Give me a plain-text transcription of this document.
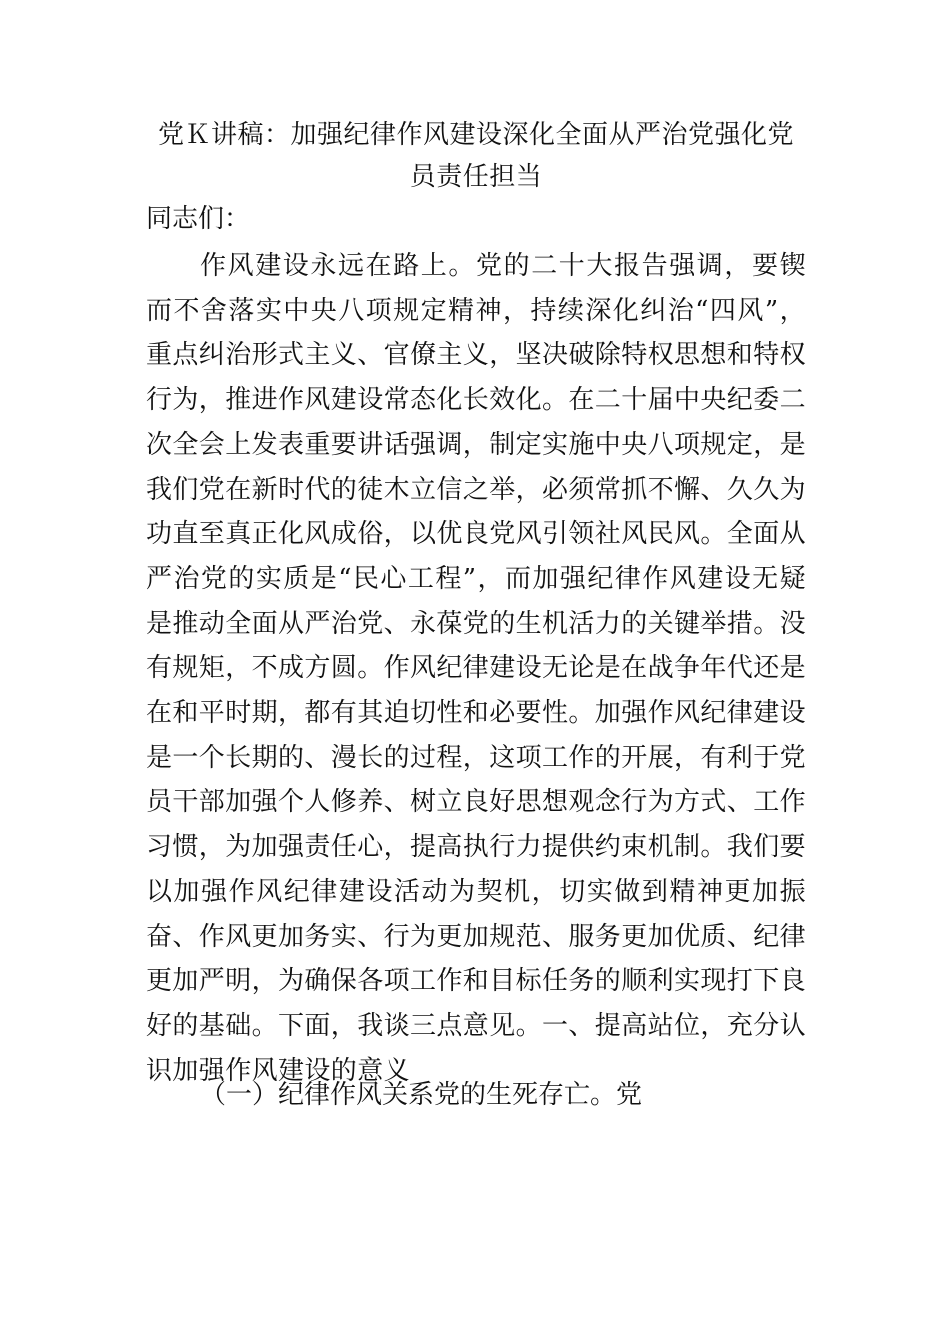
党Ｋ讲稿：加强纪律作风建设深化全面从严治党强化党员责任担当
同志们：

作风建设永远在路上。党的二十大报告强调，要锲而不舍落实中央八项规定精神，持续深化纠治“四风”，重点纠治形式主义、官僚主义，坚决破除特权思想和特权行为，推进作风建设常态化长效化。在二十届中央纪委二次全会上发表重要讲话强调，制定实施中央八项规定，是我们党在新时代的徒木立信之举，必须常抓不懈、久久为功直至真正化风成俗，以优良党风引领社风民风。全面从严治党的实质是“民心工程”，而加强纪律作风建设无疑是推动全面从严治党、永葆党的生机活力的关键举措。没有规矩，不成方圆。作风纪律建设无论是在战争年代还是在和平时期，都有其迫切性和必要性。加强作风纪律建设是一个长期的、漫长的过程，这项工作的开展，有利于党员干部加强个人修养、树立良好思想观念行为方式、工作习惯，为加强责任心，提高执行力提供约束机制。我们要以加强作风纪律建设活动为契机，切实做到精神更加振奋、作风更加务实、行为更加规范、服务更加优质、纪律更加严明，为确保各项工作和目标任务的顺利实现打下良好的基础。下面，我谈三点意见。一、提高站位，充分认识加强作风建设的意义

（一）纪律作风关系党的生死存亡。党
